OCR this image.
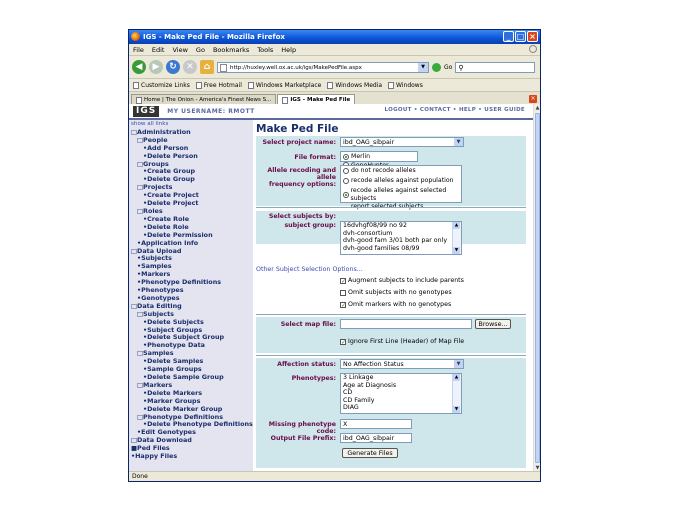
IGS - Make Ped File - Mozilla Firefox	_ □ ×
File Edit View Go Bookmarks Tools Help
◀	▶	↻	✕	⌂	http://huxley.well.ox.ac.uk/igs/MakePedFile.aspx	▼	Go ⚲
Customize Links Free Hotmail Windows Marketplace Windows Media Windows
Home | The Onion - America's Finest News S...	IGS - Make Ped File	×
IGS	MY USERNAME: RMOTT	LOGOUT • CONTACT • HELP • USER GUIDE
show all links
□Administration
□People
•Add Person
•Delete Person
□Groups
•Create Group
•Delete Group
□Projects
•Create Project
•Delete Project
□Roles
•Create Role
•Delete Role
•Delete Permission
•Application Info
□Data Upload
•Subjects
•Samples
•Markers
•Phenotype Definitions
•Phenotypes
•Genotypes
□Data Editing
□Subjects
•Delete Subjects
•Subject Groups
•Delete Subject Group
•Phenotype Data
□Samples
•Delete Samples
•Sample Groups
•Delete Sample Group
□Markers
•Delete Markers
•Marker Groups
•Delete Marker Group
□Phenotype Definitions
•Delete Phenotype Definitions
•Edit Genotypes
□Data Download
■Ped Files
•Happy Files
Make Ped File
Select project name:	ibd_OAG_sibpair	▼
File format: Merlin

Allele recoding and allele
frequency options:
do not recode alleles

recode alleles against population

recode alleles against selected subjects
Select subjects by:
subject group: 16dvhgf08/99 no 92
dvh-consortium
dvh-good fam 3/01 both par only
dvh-good families 08/99
▲
▼
Other Subject Selection Options...
✓ Augment subjects to include parents
Omit subjects with no genotypes
✓ Omit markers with no genotypes
Select map file:	Browse...
✓ Ignore First Line (Header) of Map File
Affection status:	No Affection Status	▼
Phenotypes: 3 Linkage
Age at Diagnosis
CD
CD Family
DIAG
▲
▼
Missing phenotype code:
X
Output File Prefix:	ibd_OAG_sibpair
Generate Files
▲
▼
Done
